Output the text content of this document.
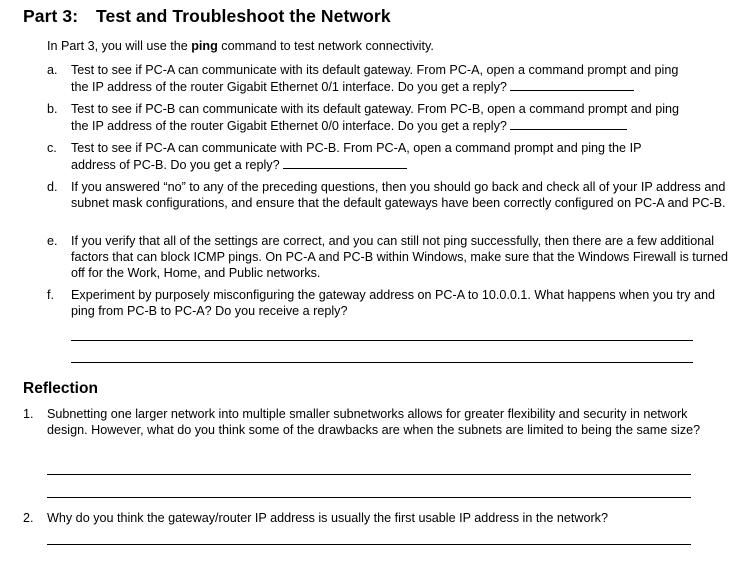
Part 3: Test and Troubleshoot the Network
In Part 3, you will use the ping command to test network connectivity.
a. Test to see if PC-A can communicate with its default gateway. From PC-A, open a command prompt and ping
the IP address of the router Gigabit Ethernet 0/1 interface. Do you get a reply?
b. Test to see if PC-B can communicate with its default gateway. From PC-B, open a command prompt and ping
the IP address of the router Gigabit Ethernet 0/0 interface. Do you get a reply?
c. Test to see if PC-A can communicate with PC-B. From PC-A, open a command prompt and ping the IP
address of PC-B. Do you get a reply?
d. If you answered “no” to any of the preceding questions, then you should go back and check all of your IP address and subnet mask configurations, and ensure that the default gateways have been correctly configured on PC-A and PC-B.
e. If you verify that all of the settings are correct, and you can still not ping successfully, then there are a few additional factors that can block ICMP pings. On PC-A and PC-B within Windows, make sure that the Windows Firewall is turned off for the Work, Home, and Public networks.
f. Experiment by purposely misconfiguring the gateway address on PC-A to 10.0.0.1. What happens when you try and ping from PC-B to PC-A? Do you receive a reply?
Reflection
1. Subnetting one larger network into multiple smaller subnetworks allows for greater flexibility and security in network design. However, what do you think some of the drawbacks are when the subnets are limited to being the same size?
2. Why do you think the gateway/router IP address is usually the first usable IP address in the network?
